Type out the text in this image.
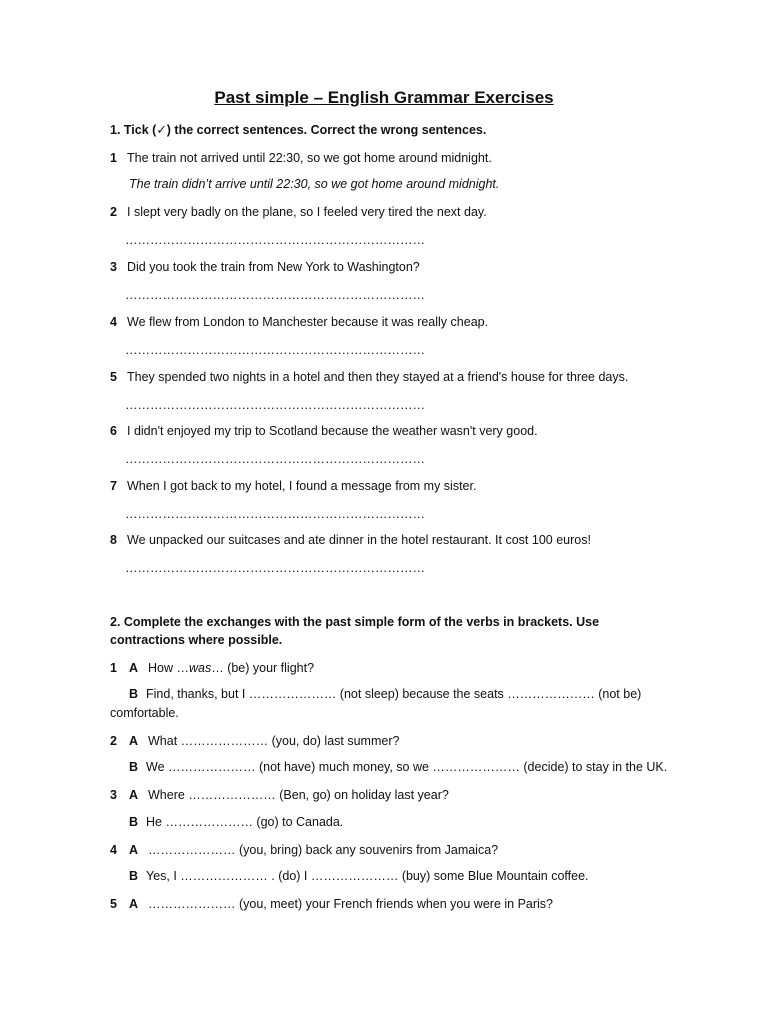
Past simple – English Grammar Exercises
1. Tick (✓) the correct sentences. Correct the wrong sentences.
1 The train not arrived until 22:30, so we got home around midnight.
The train didn’t arrive until 22:30, so we got home around midnight.
2 I slept very badly on the plane, so I feeled very tired the next day.
………………………………………………………………
3 Did you took the train from New York to Washington?
………………………………………………………………
4 We flew from London to Manchester because it was really cheap.
………………………………………………………………
5 They spended two nights in a hotel and then they stayed at a friend's house for three days.
………………………………………………………………
6 I didn't enjoyed my trip to Scotland because the weather wasn't very good.
………………………………………………………………
7 When I got back to my hotel, I found a message from my sister.
………………………………………………………………
8 We unpacked our suitcases and ate dinner in the hotel restaurant. It cost 100 euros!
………………………………………………………………
2. Complete the exchanges with the past simple form of the verbs in brackets. Use
contractions where possible.
1 A How …was… (be) your flight?
B Find, thanks, but I ………………… (not sleep) because the seats ………………… (not be)
comfortable.
2 A What ………………… (you, do) last summer?
B We ………………… (not have) much money, so we ………………… (decide) to stay in the UK.
3 A Where ………………… (Ben, go) on holiday last year?
B He ………………… (go) to Canada.
4 A ………………… (you, bring) back any souvenirs from Jamaica?
B Yes, I ………………… . (do) I ………………… (buy) some Blue Mountain coffee.
5 A ………………… (you, meet) your French friends when you were in Paris?
